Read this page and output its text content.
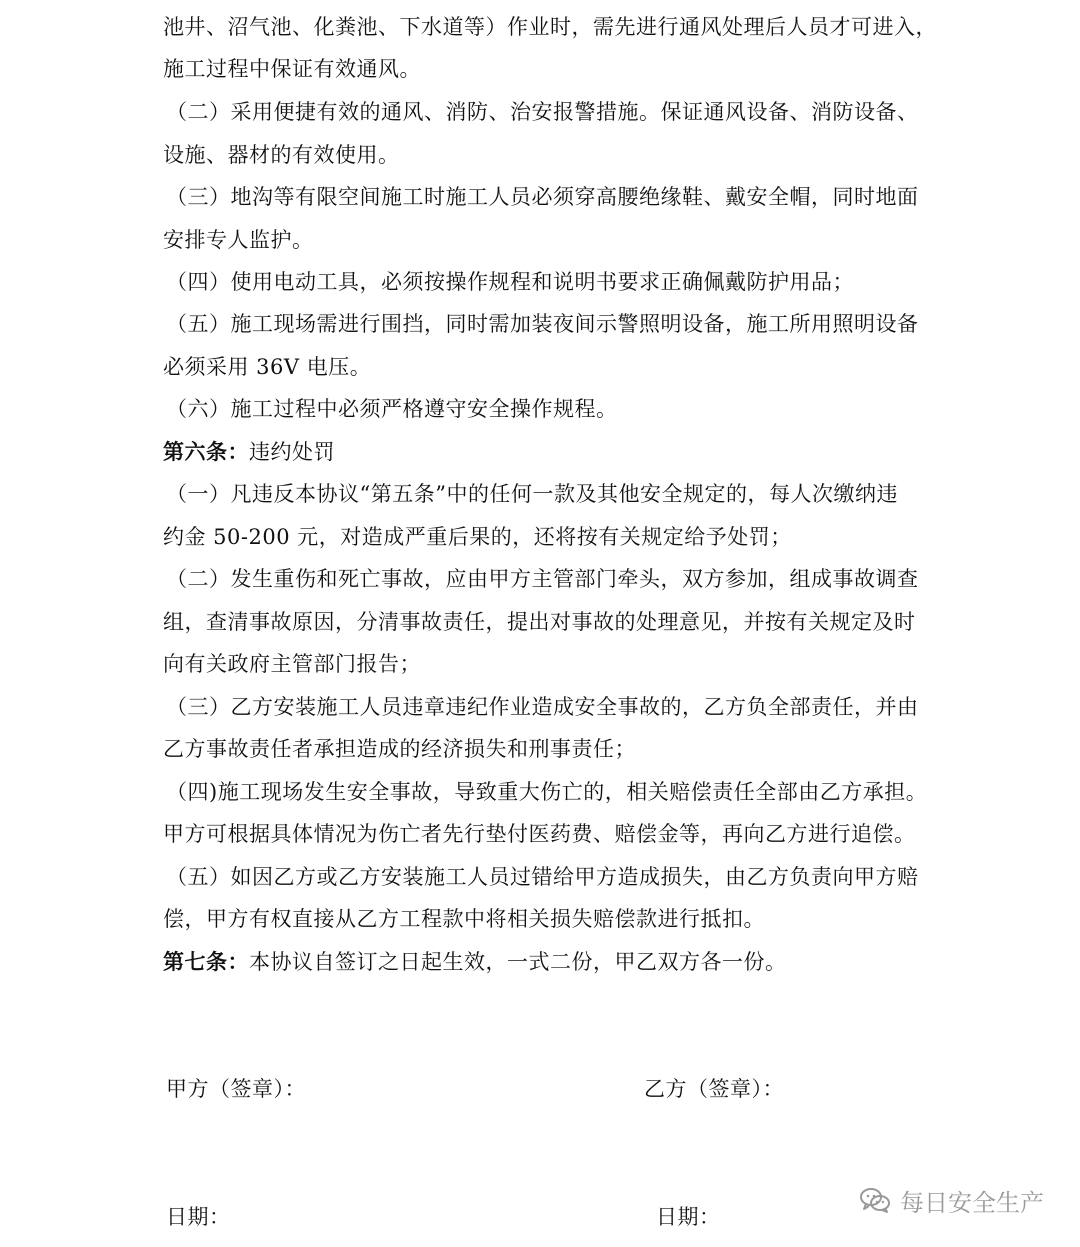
池井、沼气池、化粪池、下水道等）作业时，需先进行通风处理后人员才可进入，
施工过程中保证有效通风。
（二）采用便捷有效的通风、消防、治安报警措施。保证通风设备、消防设备、
设施、器材的有效使用。
（三）地沟等有限空间施工时施工人员必须穿高腰绝缘鞋、戴安全帽，同时地面
安排专人监护。
（四）使用电动工具，必须按操作规程和说明书要求正确佩戴防护用品；
（五）施工现场需进行围挡，同时需加装夜间示警照明设备，施工所用照明设备
必须采用 36V 电压。
（六）施工过程中必须严格遵守安全操作规程。
第六条：违约处罚
（一）凡违反本协议“第五条”中的任何一款及其他安全规定的，每人次缴纳违
约金 50-200 元，对造成严重后果的，还将按有关规定给予处罚；
（二）发生重伤和死亡事故，应由甲方主管部门牵头，双方参加，组成事故调查
组，查清事故原因，分清事故责任，提出对事故的处理意见，并按有关规定及时
向有关政府主管部门报告；
（三）乙方安装施工人员违章违纪作业造成安全事故的，乙方负全部责任，并由
乙方事故责任者承担造成的经济损失和刑事责任；
（四)施工现场发生安全事故，导致重大伤亡的，相关赔偿责任全部由乙方承担。
甲方可根据具体情况为伤亡者先行垫付医药费、赔偿金等，再向乙方进行追偿。
（五）如因乙方或乙方安装施工人员过错给甲方造成损失，由乙方负责向甲方赔
偿，甲方有权直接从乙方工程款中将相关损失赔偿款进行抵扣。
第七条：本协议自签订之日起生效，一式二份，甲乙双方各一份。
甲方（签章）：	乙方（签章）：
日期：	日期：
每日安全生产
